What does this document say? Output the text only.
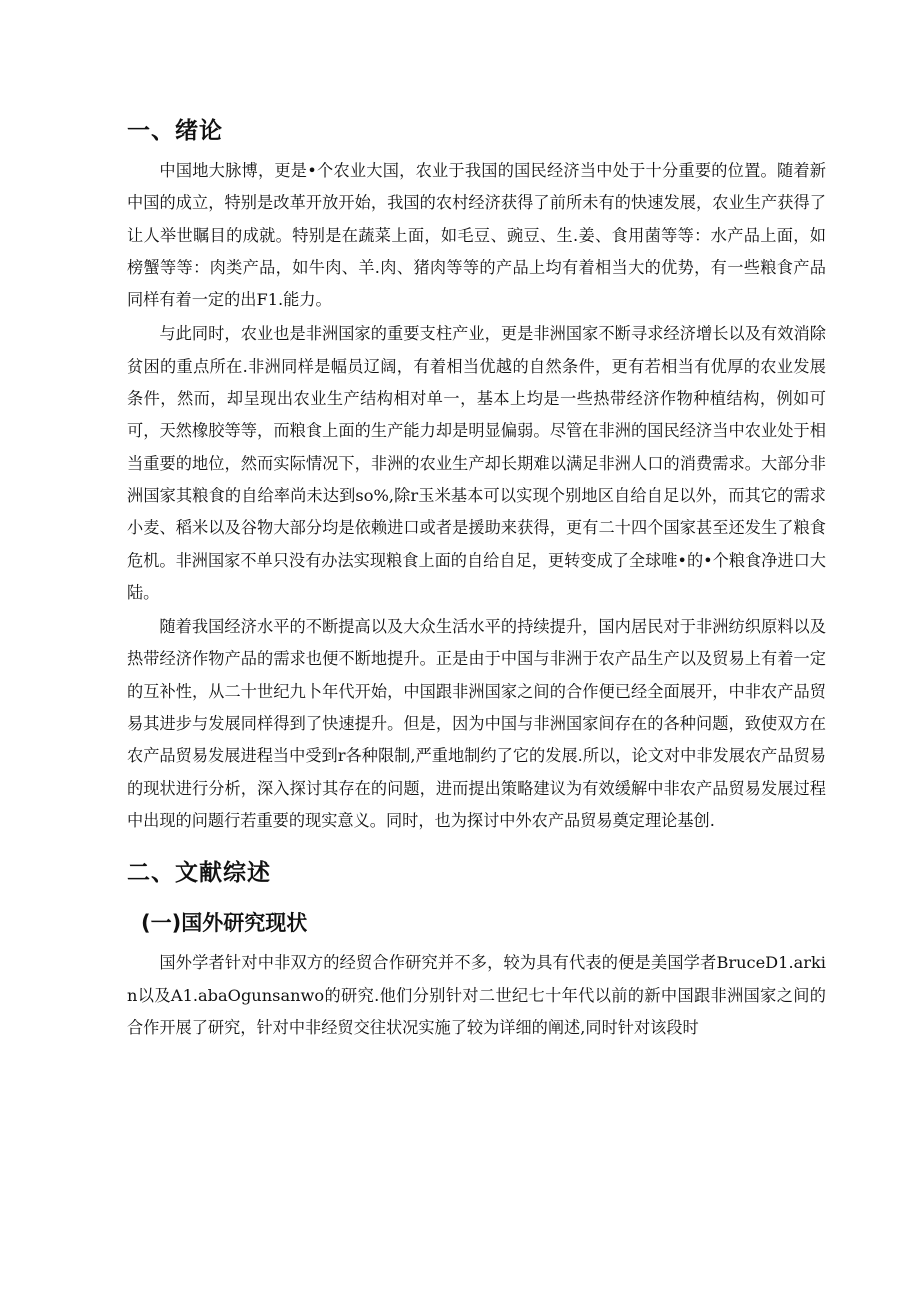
一、绪论

中国地大脉博，更是•个农业大国，农业于我国的国民经济当中处于十分重要的位置。随着新中国的成立，特别是改革开放开始，我国的农村经济获得了前所未有的快速发展，农业生产获得了让人举世瞩目的成就。特别是在蔬菜上面，如毛豆、豌豆、生.姜、食用菌等等：水产品上面，如榜蟹等等：肉类产品，如牛肉、羊.肉、猪肉等等的产品上均有着相当大的优势，有一些粮食产品同样有着一定的出F1.能力。

与此同时，农业也是非洲国家的重要支柱产业，更是非洲国家不断寻求经济增长以及有效消除贫困的重点所在.非洲同样是幅员辽阔，有着相当优越的自然条件，更有若相当有优厚的农业发展条件，然而，却呈现出农业生产结构相对单一，基本上均是一些热带经济作物种植结构，例如可可，天然橡胶等等，而粮食上面的生产能力却是明显偏弱。尽管在非洲的国民经济当中农业处于相当重要的地位，然而实际情况下，非洲的农业生产却长期难以满足非洲人口的消费需求。大部分非洲国家其粮食的自给率尚未达到so%,除r玉米基本可以实现个别地区自给自足以外，而其它的需求小麦、稻米以及谷物大部分均是依赖进口或者是援助来获得，更有二十四个国家甚至还发生了粮食危机。非洲国家不单只没有办法实现粮食上面的自给自足，更转变成了全球唯•的•个粮食净进口大陆。

随着我国经济水平的不断提高以及大众生活水平的持续提升，国内居民对于非洲纺织原料以及热带经济作物产品的需求也便不断地提升。正是由于中国与非洲于农产品生产以及贸易上有着一定的互补性，从二十世纪九卜年代开始，中国跟非洲国家之间的合作便已经全面展开，中非农产品贸易其进步与发展同样得到了快速提升。但是，因为中国与非洲国家间存在的各种问题，致使双方在农产品贸易发展进程当中受到r各种限制,严重地制约了它的发展.所以，论文对中非发展农产品贸易的现状进行分析，深入探讨其存在的问题，进而提出策略建议为有效缓解中非农产品贸易发展过程中出现的问题行若重要的现实意义。同时，也为探讨中外农产品贸易奠定理论基创.

二、文献综述
(一)国外研究现状

国外学者针对中非双方的经贸合作研究并不多，较为具有代表的便是美国学者BruceD1.arkin以及A1.abaOgunsanwo的研究.他们分别针对二世纪七十年代以前的新中国跟非洲国家之间的合作开展了研究，针对中非经贸交往状况实施了较为详细的阐述,同时针对该段时
